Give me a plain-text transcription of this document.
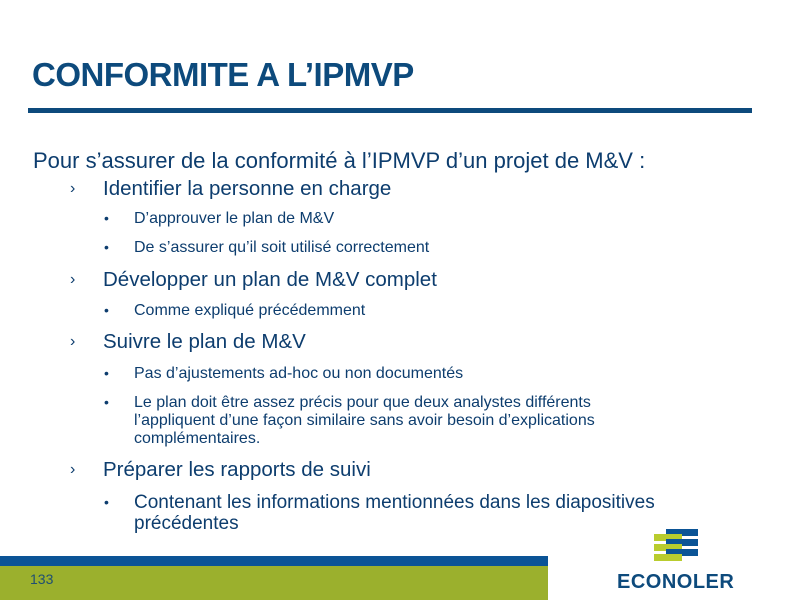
CONFORMITE A L’IPMVP
Pour s’assurer de la conformité à l’IPMVP d’un projet de M&V :
› Identifier la personne en charge
• D’approuver le plan de M&V
• De s’assurer qu’il soit utilisé correctement
› Développer un plan de M&V complet
• Comme expliqué précédemment
› Suivre le plan de M&V
• Pas d’ajustements ad-hoc ou non documentés
• Le plan doit être assez précis pour que deux analystes différents
l’appliquent d’une façon similaire sans avoir besoin d’explications
complémentaires.
› Préparer les rapports de suivi
• Contenant les informations mentionnées dans les diapositives
précédentes
133	ECONOLER
